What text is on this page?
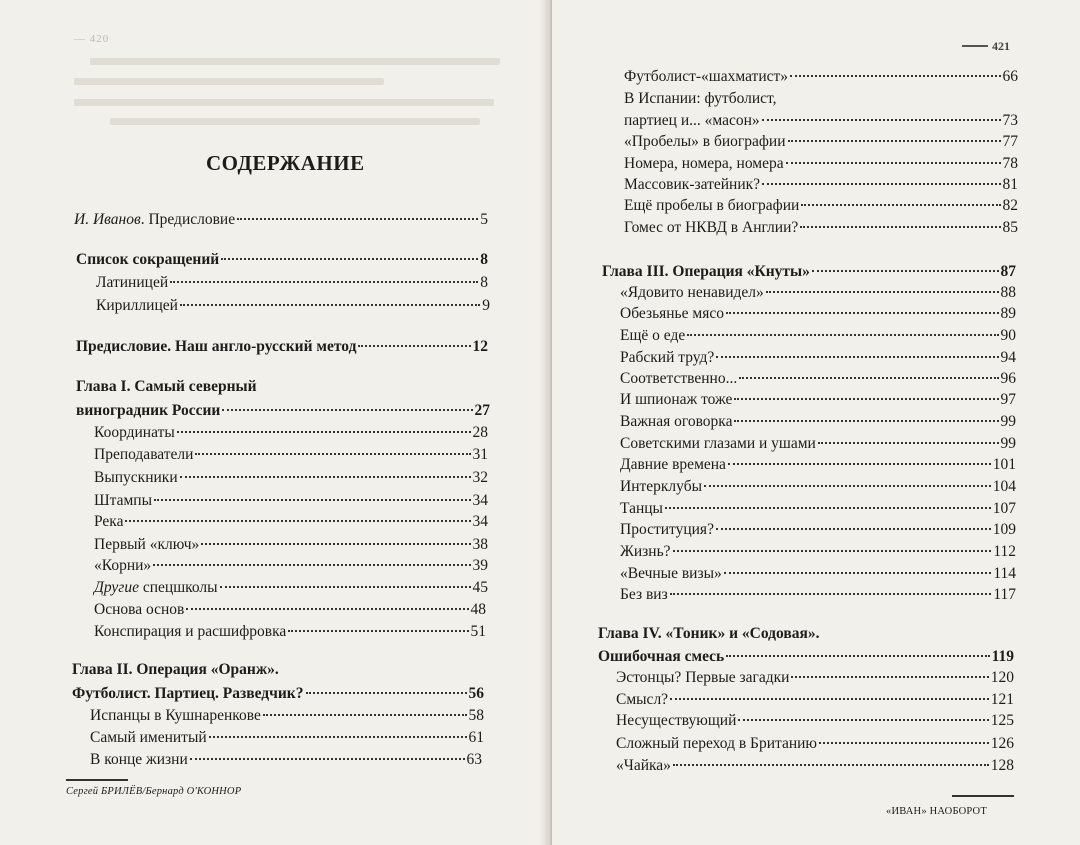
— 420	421
СОДЕРЖАНИЕ
И. Иванов. Предисловие	5
Список сокращений	8
Латиницей	8
Кириллицей	9
Предисловие. Наш англо-русский метод	12
Глава I. Самый северный
виноградник России	27
Координаты	28
Преподаватели	31
Выпускники	32
Штампы	34
Река	34
Первый «ключ»	38
«Корни»	39
Другие спецшколы	45
Основа основ	48
Конспирация и расшифровка	51
Глава II. Операция «Оранж».
Футболист. Партиец. Разведчик?	56
Испанцы в Кушнаренкове	58
Самый именитый	61
В конце жизни	63
Сергей БРИЛЁВ/Бернард О'КОННОР
Футболист-«шахматист»	66
В Испании: футболист,
партиец и... «масон»	73
«Пробелы» в биографии	77
Номера, номера, номера	78
Массовик-затейник?	81
Ещё пробелы в биографии	82
Гомес от НКВД в Англии?	85
Глава III. Операция «Кнуты»	87
«Ядовито ненавидел»	88
Обезьянье мясо	89
Ещё о еде	90
Рабский труд?	94
Соответственно...	96
И шпионаж тоже	97
Важная оговорка	99
Советскими глазами и ушами	99
Давние времена	101
Интерклубы	104
Танцы	107
Проституция?	109
Жизнь?	112
«Вечные визы»	114
Без виз	117
Глава IV. «Тоник» и «Содовая».
Ошибочная смесь	119
Эстонцы? Первые загадки	120
Смысл?	121
Несуществующий	125
Сложный переход в Британию	126
«Чайка»	128
«ИВАН» НАОБОРОТ
